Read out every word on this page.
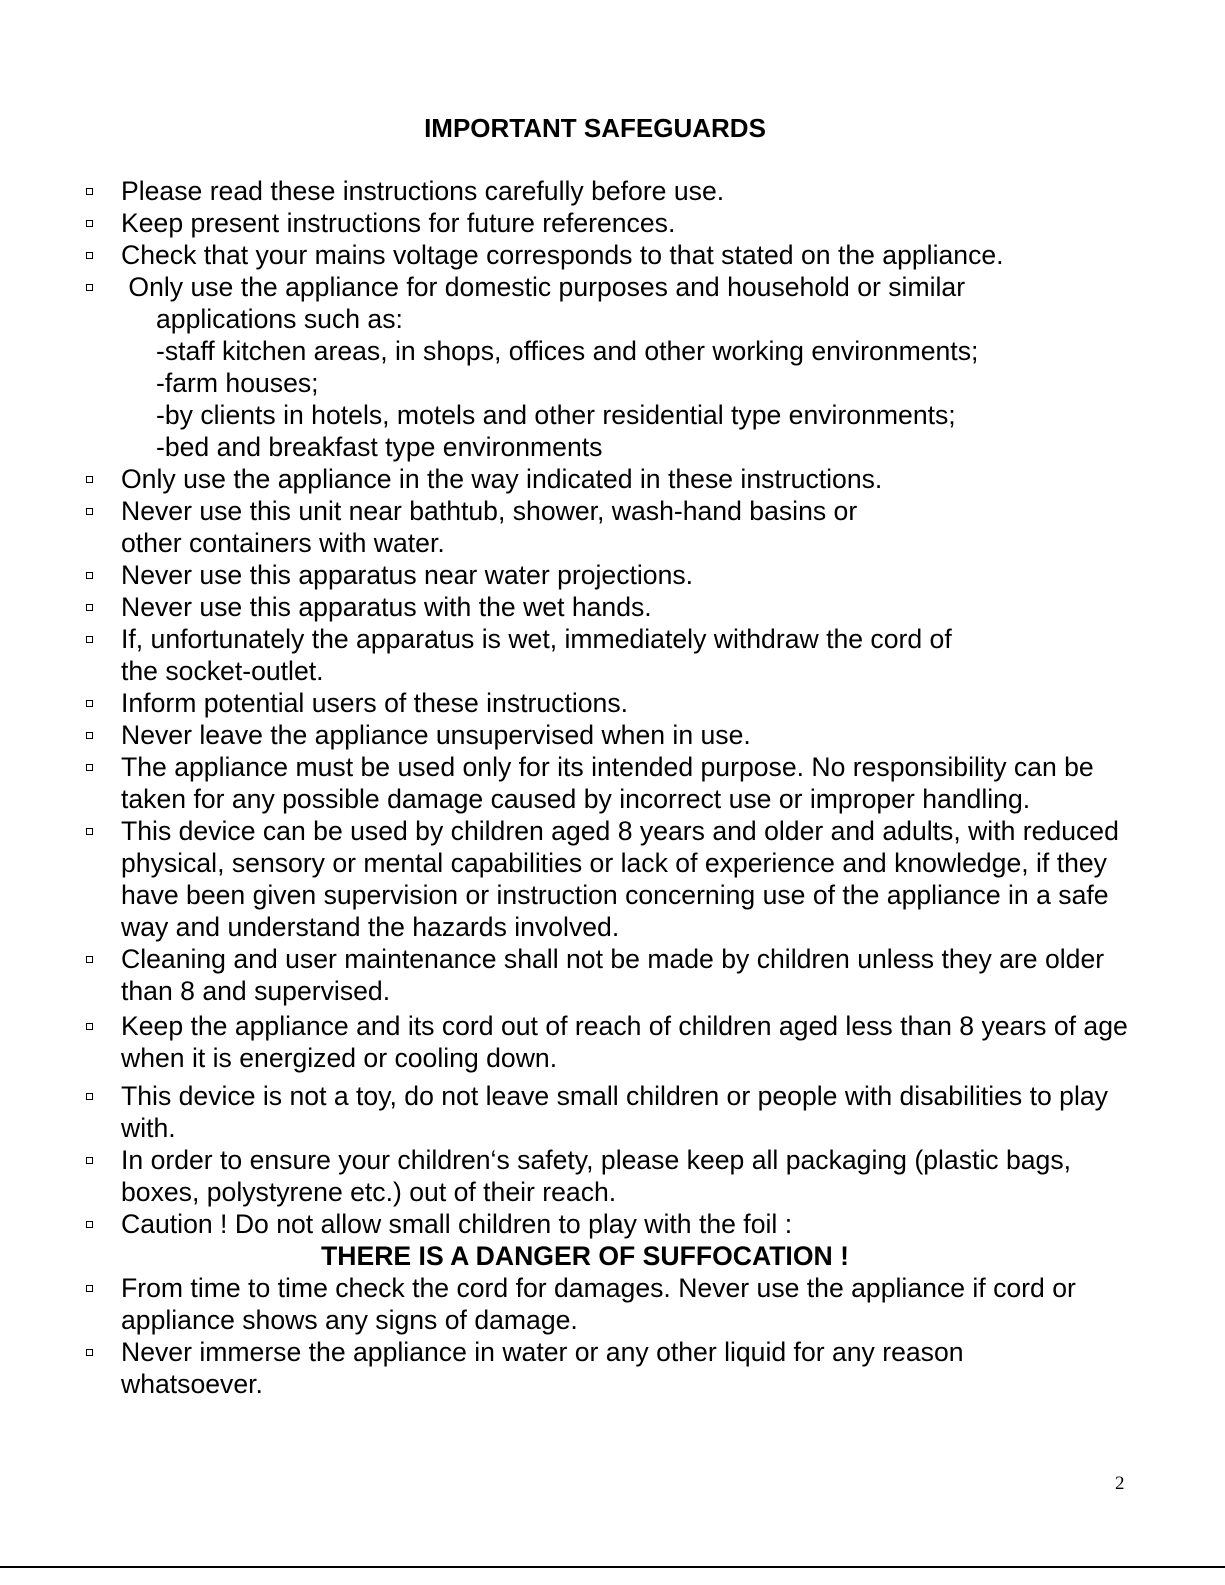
IMPORTANT SAFEGUARDS
Please read these instructions carefully before use.
Keep present instructions for future references.
Check that your mains voltage corresponds to that stated on the appliance.
Only use the appliance for domestic purposes and household or similar
applications such as:
-staff kitchen areas, in shops, offices and other working environments;
-farm houses;
-by clients in hotels, motels and other residential type environments;
-bed and breakfast type environments
Only use the appliance in the way indicated in these instructions.
Never use this unit near bathtub, shower, wash-hand basins or other containers with water.
Never use this apparatus near water projections.
Never use this apparatus with the wet hands.
If, unfortunately the apparatus is wet, immediately withdraw the cord of the socket-outlet.
Inform potential users of these instructions.
Never leave the appliance unsupervised when in use.
The appliance must be used only for its intended purpose. No responsibility can be taken for any possible damage caused by incorrect use or improper handling.
This device can be used by children aged 8 years and older and adults, with reduced physical, sensory or mental capabilities or lack of experience and knowledge, if they have been given supervision or instruction concerning use of the appliance in a safe way and understand the hazards involved.
Cleaning and user maintenance shall not be made by children unless they are older than 8 and supervised.
Keep the appliance and its cord out of reach of children aged less than 8 years of age when it is energized or cooling down.
This device is not a toy, do not leave small children or people with disabilities to play with.
In order to ensure your children‘s safety, please keep all packaging (plastic bags, boxes, polystyrene etc.) out of their reach.
Caution ! Do not allow small children to play with the foil :
THERE IS A DANGER OF SUFFOCATION !
From time to time check the cord for damages. Never use the appliance if cord or appliance shows any signs of damage.
Never immerse the appliance in water or any other liquid for any reason whatsoever.
2
